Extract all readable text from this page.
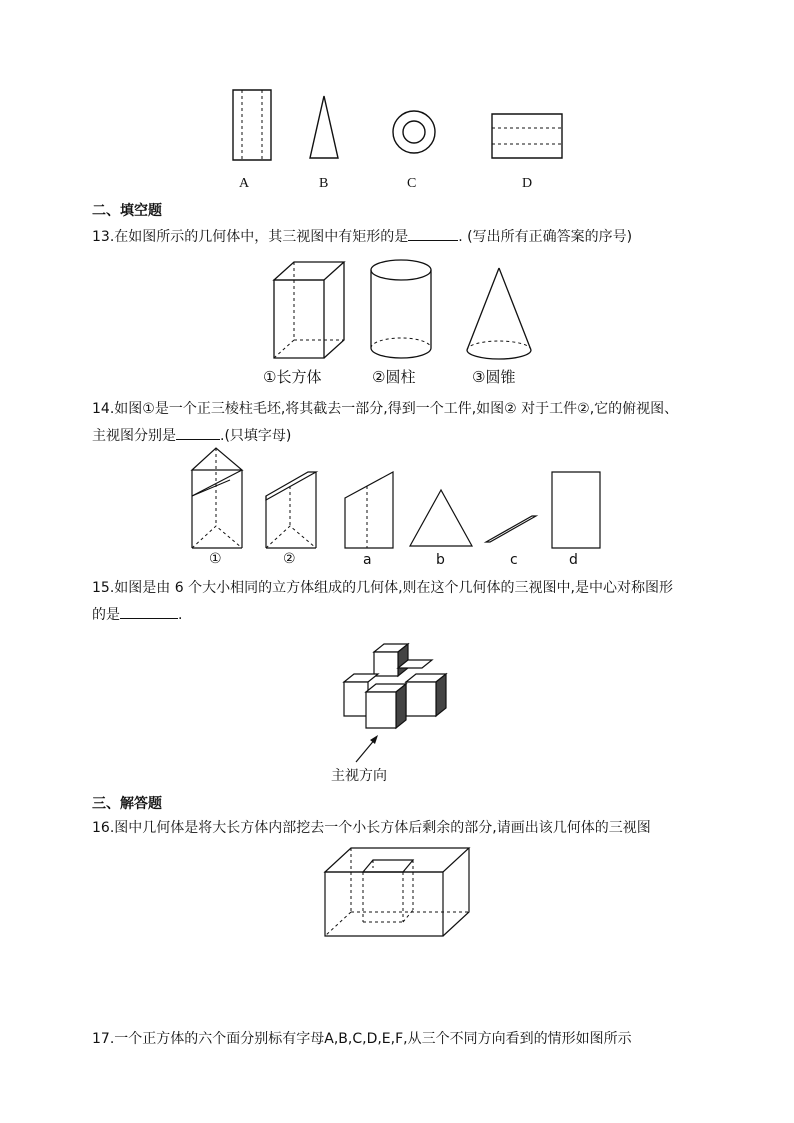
A	B	C	D
二、填空题
13.在如图所示的几何体中，其三视图中有矩形的是	. (写出所有正确答案的序号)
①长方体	②圆柱	③圆锥
14.如图①是一个正三棱柱毛坯,将其截去一部分,得到一个工件,如图② 对于工件②,它的俯视图、
主视图分别是	.(只填字母)
①	②	a	b	c	d
15.如图是由 6 个大小相同的立方体组成的几何体,则在这个几何体的三视图中,是中心对称图形
的是	.
主视方向
三、解答题
16.图中几何体是将大长方体内部挖去一个小长方体后剩余的部分,请画出该几何体的三视图
17.一个正方体的六个面分别标有字母A,B,C,D,E,F,从三个不同方向看到的情形如图所示
